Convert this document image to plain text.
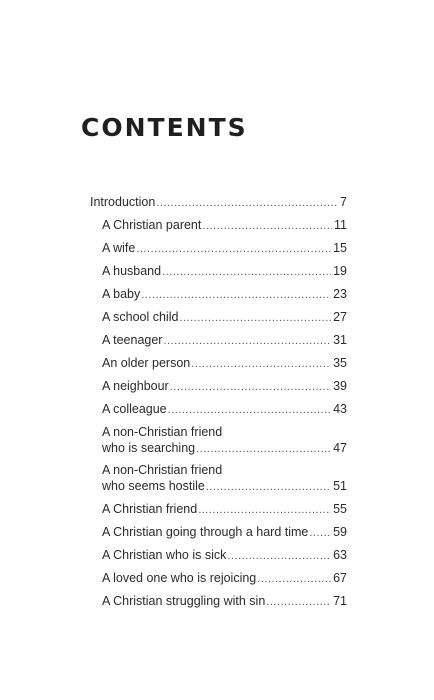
CONTENTS
Introduction .....	7
A Christian parent .....	11
A wife .....	15
A husband .....	19
A baby .....	23
A school child .....	27
A teenager .....	31
An older person .....	35
A neighbour .....	39
A colleague .....	43
A non-Christian friend
who is searching .....	47
A non-Christian friend
who seems hostile .....	51
A Christian friend .....	55
A Christian going through a hard time ..... 59
A Christian who is sick .....	63
A loved one who is rejoicing .....	67
A Christian struggling with sin .....	71
